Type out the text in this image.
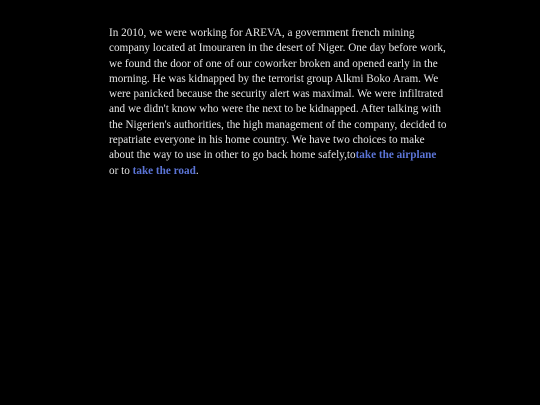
In 2010, we were working for AREVA, a government french mining company located at Imouraren in the desert of Niger. One day before work, we found the door of one of our coworker broken and opened early in the morning. He was kidnapped by the terrorist group Alkmi Boko Aram. We were panicked because the security alert was maximal. We were infiltrated and we didn't know who were the next to be kidnapped. After talking with the Nigerien's authorities, the high management of the company, decided to repatriate everyone in his home country. We have two choices to make about the way to use in other to go back home safely,totake the airplane or to take the road.
